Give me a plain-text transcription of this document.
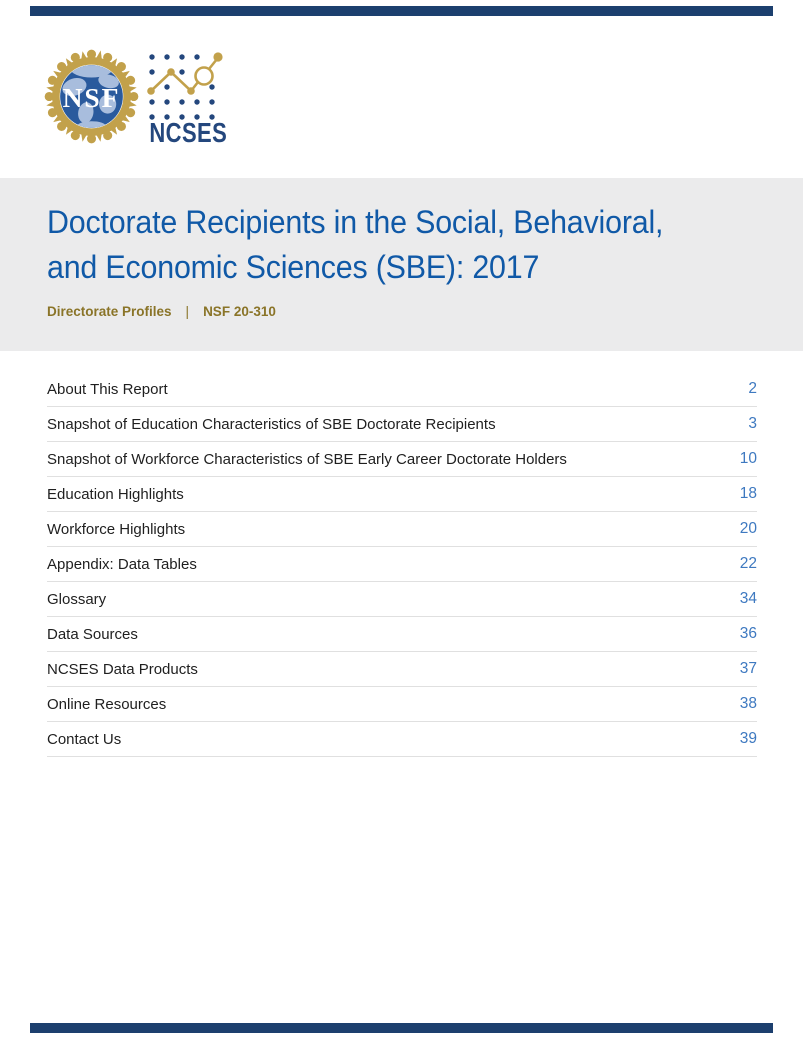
NSF
NCSES
Doctorate Recipients in the Social, Behavioral,
and Economic Sciences (SBE): 2017
Directorate Profiles | NSF 20-310
About This Report	2
Snapshot of Education Characteristics of SBE Doctorate Recipients	3
Snapshot of Workforce Characteristics of SBE Early Career Doctorate Holders	10
Education Highlights	18
Workforce Highlights	20
Appendix: Data Tables	22
Glossary	34
Data Sources	36
NCSES Data Products	37
Online Resources	38
Contact Us	39
